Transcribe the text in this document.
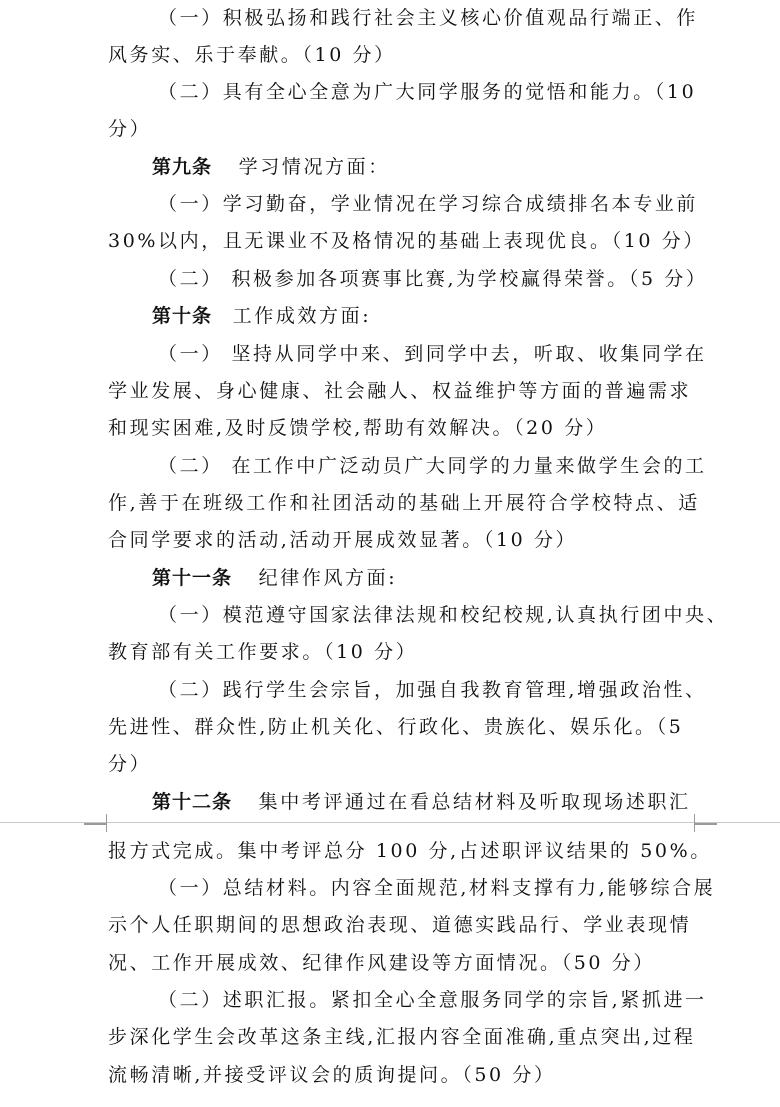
（一）积极弘扬和践行社会主义核心价值观品行端正、作
风务实、乐于奉献。（10 分）
（二）具有全心全意为广大同学服务的觉悟和能力。（10
分）
第九条 学习情况方面：
（一）学习勤奋，学业情况在学习综合成绩排名本专业前
30%以内，且无课业不及格情况的基础上表现优良。（10 分）
（二） 积极参加各项赛事比赛,为学校赢得荣誉。（5 分）
第十条 工作成效方面:
（一） 坚持从同学中来、到同学中去，听取、收集同学在
学业发展、身心健康、社会融人、权益维护等方面的普遍需求
和现实困难,及时反馈学校,帮助有效解决。（20 分）
（二） 在工作中广泛动员广大同学的力量来做学生会的工
作,善于在班级工作和社团活动的基础上开展符合学校特点、适
合同学要求的活动,活动开展成效显著。（10 分）
第十一条 纪律作风方面:
（一）模范遵守国家法律法规和校纪校规,认真执行团中央、
教育部有关工作要求。（10 分）
（二）践行学生会宗旨，加强自我教育管理,增强政治性、
先进性、群众性,防止机关化、行政化、贵族化、娱乐化。（5
分）
第十二条 集中考评通过在看总结材料及听取现场述职汇
报方式完成。集中考评总分 100 分,占述职评议结果的 50%。
（一）总结材料。内容全面规范,材料支撑有力,能够综合展
示个人任职期间的思想政治表现、道德实践品行、学业表现情
况、工作开展成效、纪律作风建设等方面情况。（50 分）
（二）述职汇报。紧扣全心全意服务同学的宗旨,紧抓进一
步深化学生会改革这条主线,汇报内容全面准确,重点突出,过程
流畅清晰,并接受评议会的质询提问。（50 分）
